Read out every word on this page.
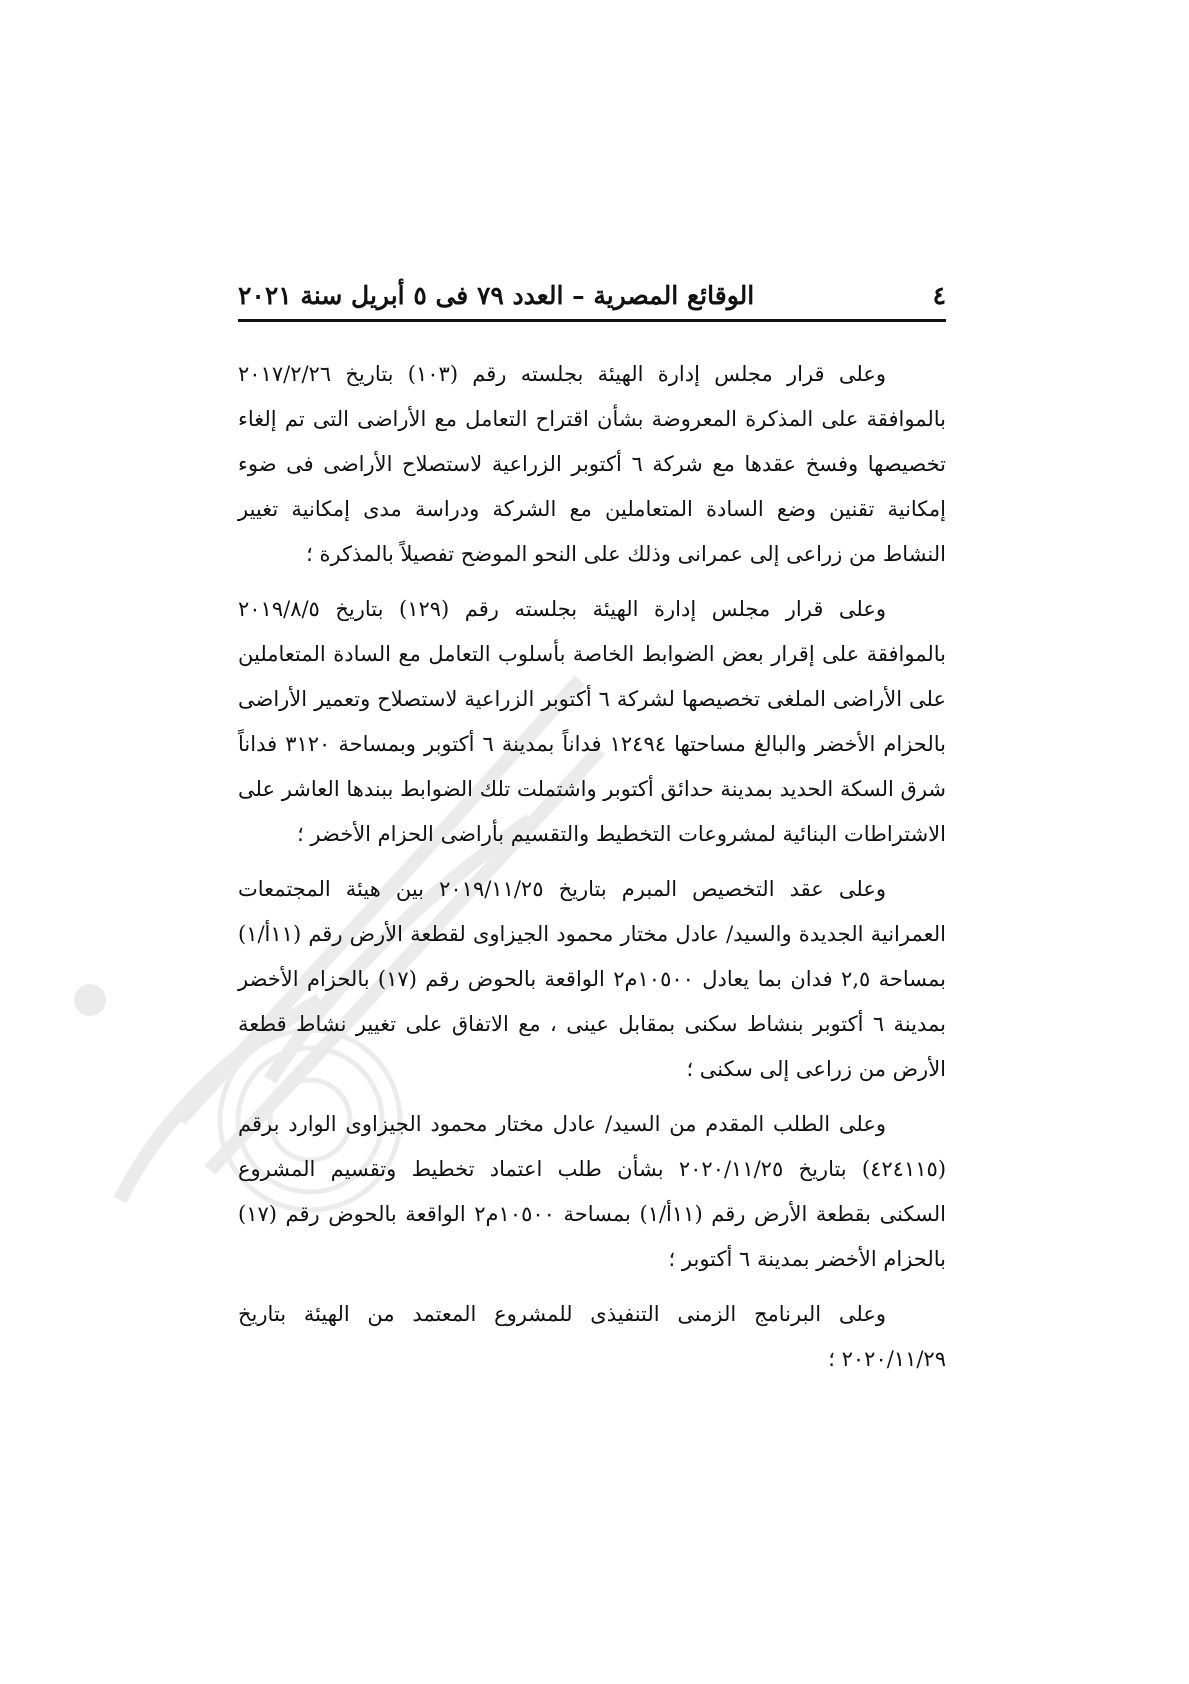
٤
الوقائع المصرية – العدد ٧٩ فى ٥ أبريل سنة ٢٠٢١

وعلى قرار مجلس إدارة الهيئة بجلسته رقم (١٠٣) بتاريخ ٢٠١٧/٢/٢٦ بالموافقة على المذكرة المعروضة بشأن اقتراح التعامل مع الأراضى التى تم إلغاء تخصيصها وفسخ عقدها مع شركة ٦ أكتوبر الزراعية لاستصلاح الأراضى فى ضوء إمكانية تقنين وضع السادة المتعاملين مع الشركة ودراسة مدى إمكانية تغيير النشاط من زراعى إلى عمرانى وذلك على النحو الموضح تفصيلاً بالمذكرة ؛

وعلى قرار مجلس إدارة الهيئة بجلسته رقم (١٢٩) بتاريخ ٢٠١٩/٨/٥ بالموافقة على إقرار بعض الضوابط الخاصة بأسلوب التعامل مع السادة المتعاملين على الأراضى الملغى تخصيصها لشركة ٦ أكتوبر الزراعية لاستصلاح وتعمير الأراضى بالحزام الأخضر والبالغ مساحتها ١٢٤٩٤ فداناً بمدينة ٦ أكتوبر وبمساحة ٣١٢٠ فداناً شرق السكة الحديد بمدينة حدائق أكتوبر واشتملت تلك الضوابط ببندها العاشر على الاشتراطات البنائية لمشروعات التخطيط والتقسيم بأراضى الحزام الأخضر ؛

وعلى عقد التخصيص المبرم بتاريخ ٢٠١٩/١١/٢٥ بين هيئة المجتمعات العمرانية الجديدة والسيد/ عادل مختار محمود الجيزاوى لقطعة الأرض رقم (١١أ/١) بمساحة ٢,٥ فدان بما يعادل ١٠٥٠٠م٢ الواقعة بالحوض رقم (١٧) بالحزام الأخضر بمدينة ٦ أكتوبر بنشاط سكنى بمقابل عينى ، مع الاتفاق على تغيير نشاط قطعة الأرض من زراعى إلى سكنى ؛

وعلى الطلب المقدم من السيد/ عادل مختار محمود الجيزاوى الوارد برقم (٤٢٤١١٥) بتاريخ ٢٠٢٠/١١/٢٥ بشأن طلب اعتماد تخطيط وتقسيم المشروع السكنى بقطعة الأرض رقم (١١أ/١) بمساحة ١٠٥٠٠م٢ الواقعة بالحوض رقم (١٧) بالحزام الأخضر بمدينة ٦ أكتوبر ؛

وعلى البرنامج الزمنى التنفيذى للمشروع المعتمد من الهيئة بتاريخ ٢٠٢٠/١١/٢٩ ؛
